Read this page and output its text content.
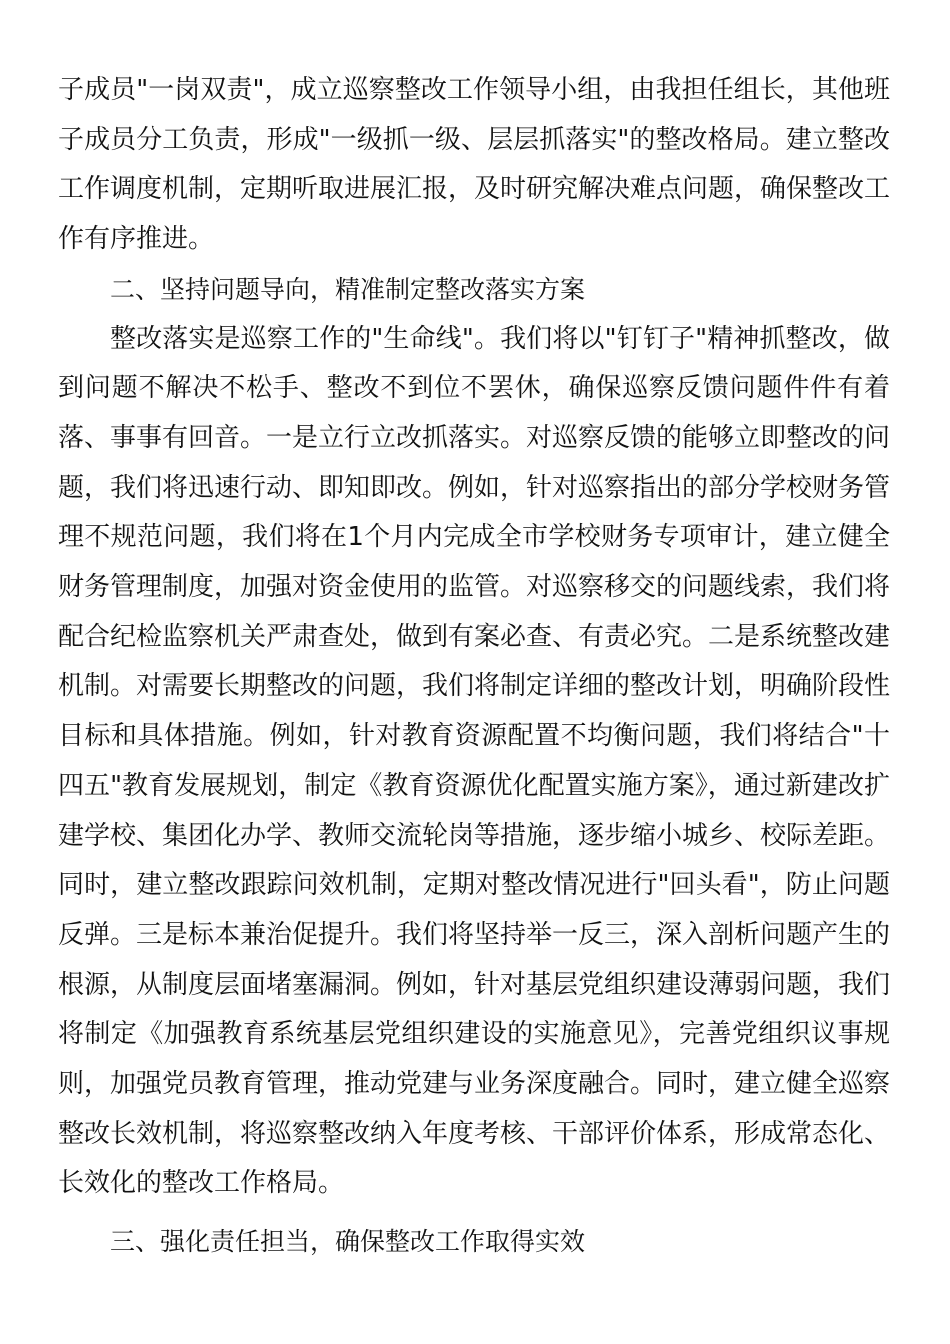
子成员"一岗双责"，成立巡察整改工作领导小组，由我担任组长，其他班子成员分工负责，形成"一级抓一级、层层抓落实"的整改格局。建立整改工作调度机制，定期听取进展汇报，及时研究解决难点问题，确保整改工作有序推进。

二、坚持问题导向，精准制定整改落实方案

整改落实是巡察工作的"生命线"。我们将以"钉钉子"精神抓整改，做到问题不解决不松手、整改不到位不罢休，确保巡察反馈问题件件有着落、事事有回音。一是立行立改抓落实。对巡察反馈的能够立即整改的问题，我们将迅速行动、即知即改。例如，针对巡察指出的部分学校财务管理不规范问题，我们将在1个月内完成全市学校财务专项审计，建立健全财务管理制度，加强对资金使用的监管。对巡察移交的问题线索，我们将配合纪检监察机关严肃查处，做到有案必查、有责必究。二是系统整改建机制。对需要长期整改的问题，我们将制定详细的整改计划，明确阶段性目标和具体措施。例如，针对教育资源配置不均衡问题，我们将结合"十四五"教育发展规划，制定《教育资源优化配置实施方案》，通过新建改扩建学校、集团化办学、教师交流轮岗等措施，逐步缩小城乡、校际差距。同时，建立整改跟踪问效机制，定期对整改情况进行"回头看"，防止问题反弹。三是标本兼治促提升。我们将坚持举一反三，深入剖析问题产生的根源，从制度层面堵塞漏洞。例如，针对基层党组织建设薄弱问题，我们将制定《加强教育系统基层党组织建设的实施意见》，完善党组织议事规则，加强党员教育管理，推动党建与业务深度融合。同时，建立健全巡察整改长效机制，将巡察整改纳入年度考核、干部评价体系，形成常态化、长效化的整改工作格局。

三、强化责任担当，确保整改工作取得实效
